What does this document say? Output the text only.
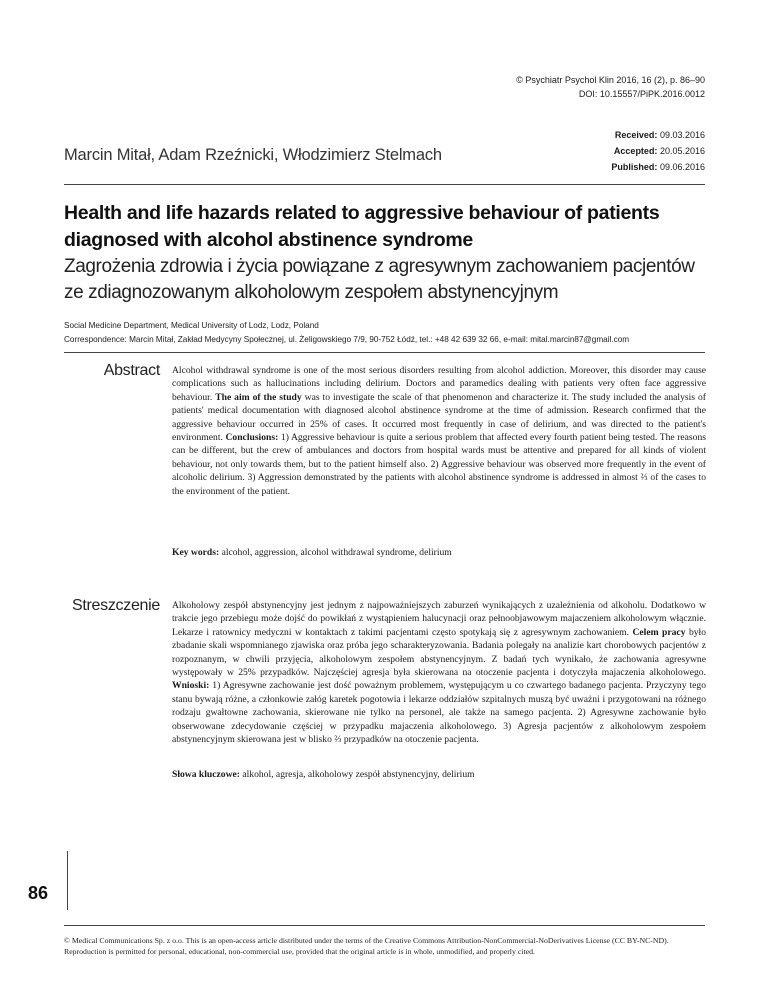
© Psychiatr Psychol Klin 2016, 16 (2), p. 86–90
DOI: 10.15557/PiPK.2016.0012
Received: 09.03.2016
Accepted: 20.05.2016
Published: 09.06.2016
Marcin Mitał, Adam Rzeźnicki, Włodzimierz Stelmach
Health and life hazards related to aggressive behaviour of patients
diagnosed with alcohol abstinence syndrome
Zagrożenia zdrowia i życia powiązane z agresywnym zachowaniem pacjentów
ze zdiagnozowanym alkoholowym zespołem abstynencyjnym
Social Medicine Department, Medical University of Lodz, Lodz, Poland
Correspondence: Marcin Mitał, Zakład Medycyny Społecznej, ul. Żeligowskiego 7/9, 90-752 Łódź, tel.: +48 42 639 32 66, e-mail: mital.marcin87@gmail.com
Abstract Alcohol withdrawal syndrome is one of the most serious disorders resulting from alcohol addiction. Moreover, this disorder may cause complications such as hallucinations including delirium. Doctors and paramedics dealing with patients very often face aggressive behaviour. The aim of the study was to investigate the scale of that phenomenon and characterize it. The study included the analysis of patients' medical documentation with diagnosed alcohol abstinence syndrome at the time of admission. Research confirmed that the aggressive behaviour occurred in 25% of cases. It occurred most frequently in case of delirium, and was directed to the patient's environment. Conclusions: 1) Aggressive behaviour is quite a serious problem that affected every fourth patient being tested. The reasons can be different, but the crew of ambulances and doctors from hospital wards must be attentive and prepared for all kinds of violent behaviour, not only towards them, but to the patient himself also. 2) Aggressive behaviour was observed more frequently in the event of alcoholic delirium. 3) Aggression demonstrated by the patients with alcohol abstinence syndrome is addressed in almost ⅔ of the cases to the environment of the patient.
Key words: alcohol, aggression, alcohol withdrawal syndrome, delirium
Streszczenie Alkoholowy zespół abstynencyjny jest jednym z najpoważniejszych zaburzeń wynikających z uzależnienia od alkoholu. Dodatkowo w trakcie jego przebiegu może dojść do powikłań z wystąpieniem halucynacji oraz pełnoobjawowym majaczeniem alkoholowym włącznie. Lekarze i ratownicy medyczni w kontaktach z takimi pacjentami często spotykają się z agresywnym zachowaniem. Celem pracy było zbadanie skali wspomnianego zjawiska oraz próba jego scharakteryzowania. Badania polegały na analizie kart chorobowych pacjentów z rozpoznanym, w chwili przyjęcia, alkoholowym zespołem abstynencyjnym. Z badań tych wynikało, że zachowania agresywne występowały w 25% przypadków. Najczęściej agresja była skierowana na otoczenie pacjenta i dotyczyła majaczenia alkoholowego. Wnioski: 1) Agresywne zachowanie jest dość poważnym problemem, występującym u co czwartego badanego pacjenta. Przyczyny tego stanu bywają różne, a członkowie załóg karetek pogotowia i lekarze oddziałów szpitalnych muszą być uważni i przygotowani na różnego rodzaju gwałtowne zachowania, skierowane nie tylko na personel, ale także na samego pacjenta. 2) Agresywne zachowanie było obserwowane zdecydowanie częściej w przypadku majaczenia alkoholowego. 3) Agresja pacjentów z alkoholowym zespołem abstynencyjnym skierowana jest w blisko ⅔ przypadków na otoczenie pacjenta.
Słowa kluczowe: alkohol, agresja, alkoholowy zespół abstynencyjny, delirium
86
© Medical Communications Sp. z o.o. This is an open-access article distributed under the terms of the Creative Commons Attribution-NonCommercial-NoDerivatives License (CC BY-NC-ND). Reproduction is permitted for personal, educational, non-commercial use, provided that the original article is in whole, unmodified, and properly cited.
